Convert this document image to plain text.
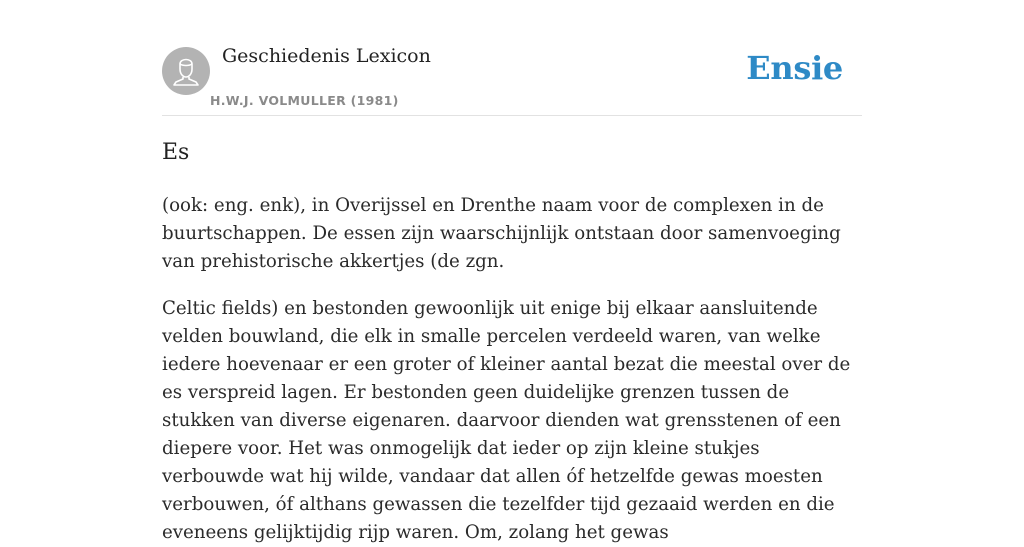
Geschiedenis Lexicon
H.W.J. VOLMULLER (1981)
Ensie
Es

(ook: eng. enk), in Overijssel en Drenthe naam voor de complexen in de buurtschappen. De essen zijn waarschijnlijk ontstaan door samenvoeging van prehistorische akkertjes (de zgn.

Celtic fields) en bestonden gewoonlijk uit enige bij elkaar aansluitende velden bouwland, die elk in smalle percelen verdeeld waren, van welke iedere hoevenaar er een groter of kleiner aantal bezat die meestal over de es verspreid lagen. Er bestonden geen duidelijke grenzen tussen de stukken van diverse eigenaren. daarvoor dienden wat grensstenen of een diepere voor. Het was onmogelijk dat ieder op zijn kleine stukjes verbouwde wat hij wilde, vandaar dat allen óf hetzelfde gewas moesten verbouwen, óf althans gewassen die tezelfder tijd gezaaid werden en die eveneens gelijktijdig rijp waren. Om, zolang het gewas
